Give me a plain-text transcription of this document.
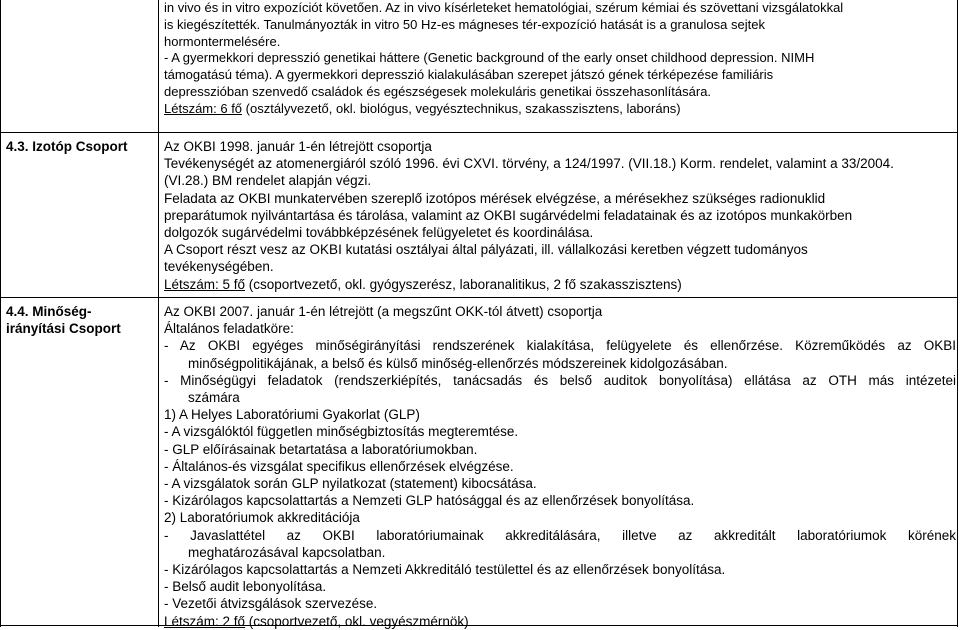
in vivo és in vitro expozíciót követően. Az in vivo kísérleteket hematológiai, szérum kémiai és szövettani vizsgálatokkal
is kiegészítették. Tanulmányozták in vitro 50 Hz-es mágneses tér-expozíció hatását is a granulosa sejtek
hormontermelésére.
- A gyermekkori depresszió genetikai háttere (Genetic background of the early onset childhood depression. NIMH
támogatású téma). A gyermekkori depresszió kialakulásában szerepet játszó gének térképezése familiáris
depresszióban szenvedő családok és egészségesek molekuláris genetikai összehasonlítására.
Létszám: 6 fő (osztályvezető, okl. biológus, vegyésztechnikus, szakasszisztens, laboráns)
4.3. Izotóp Csoport	Az OKBI 1998. január 1-én létrejött csoportja
Tevékenységét az atomenergiáról szóló 1996. évi CXVI. törvény, a 124/1997. (VII.18.) Korm. rendelet, valamint a 33/2004.
(VI.28.) BM rendelet alapján végzi.
Feladata az OKBI munkatervében szereplő izotópos mérések elvégzése, a mérésekhez szükséges radionuklid
preparátumok nyilvántartása és tárolása, valamint az OKBI sugárvédelmi feladatainak és az izotópos munkakörben
dolgozók sugárvédelmi továbbképzésének felügyeletet és koordinálása.
A Csoport részt vesz az OKBI kutatási osztályai által pályázati, ill. vállalkozási keretben végzett tudományos
tevékenységében.
Létszám: 5 fő (csoportvezető, okl. gyógyszerész, laboranalitikus, 2 fő szakasszisztens)
4.4. Minőség-
irányítási Csoport
Az OKBI 2007. január 1-én létrejött (a megszűnt OKK-tól átvett) csoportja
Általános feladatköre:
- Az OKBI egyéges minőségirányítási rendszerének kialakítása, felügyelete és ellenőrzése. Közreműködés az OKBI
minőségpolitikájának, a belső és külső minőség-ellenőrzés módszereinek kidolgozásában.
- Minőségügyi feladatok (rendszerkiépítés, tanácsadás és belső auditok bonyolítása) ellátása az OTH más intézetei
számára
1) A Helyes Laboratóriumi Gyakorlat (GLP)
- A vizsgálóktól független minőségbiztosítás megteremtése.
- GLP előírásainak betartatása a laboratóriumokban.
- Általános-és vizsgálat specifikus ellenőrzések elvégzése.
- A vizsgálatok során GLP nyilatkozat (statement) kibocsátása.
- Kizárólagos kapcsolattartás a Nemzeti GLP hatósággal és az ellenőrzések bonyolítása.
2) Laboratóriumok akkreditációja
- Javaslattétel az OKBI laboratóriumainak akkreditálására, illetve az akkreditált laboratóriumok körének
meghatározásával kapcsolatban.
- Kizárólagos kapcsolattartás a Nemzeti Akkreditáló testülettel és az ellenőrzések bonyolítása.
- Belső audit lebonyolítása.
- Vezetői átvizsgálások szervezése.
Létszám: 2 fő (csoportvezető, okl. vegyészmérnök)
